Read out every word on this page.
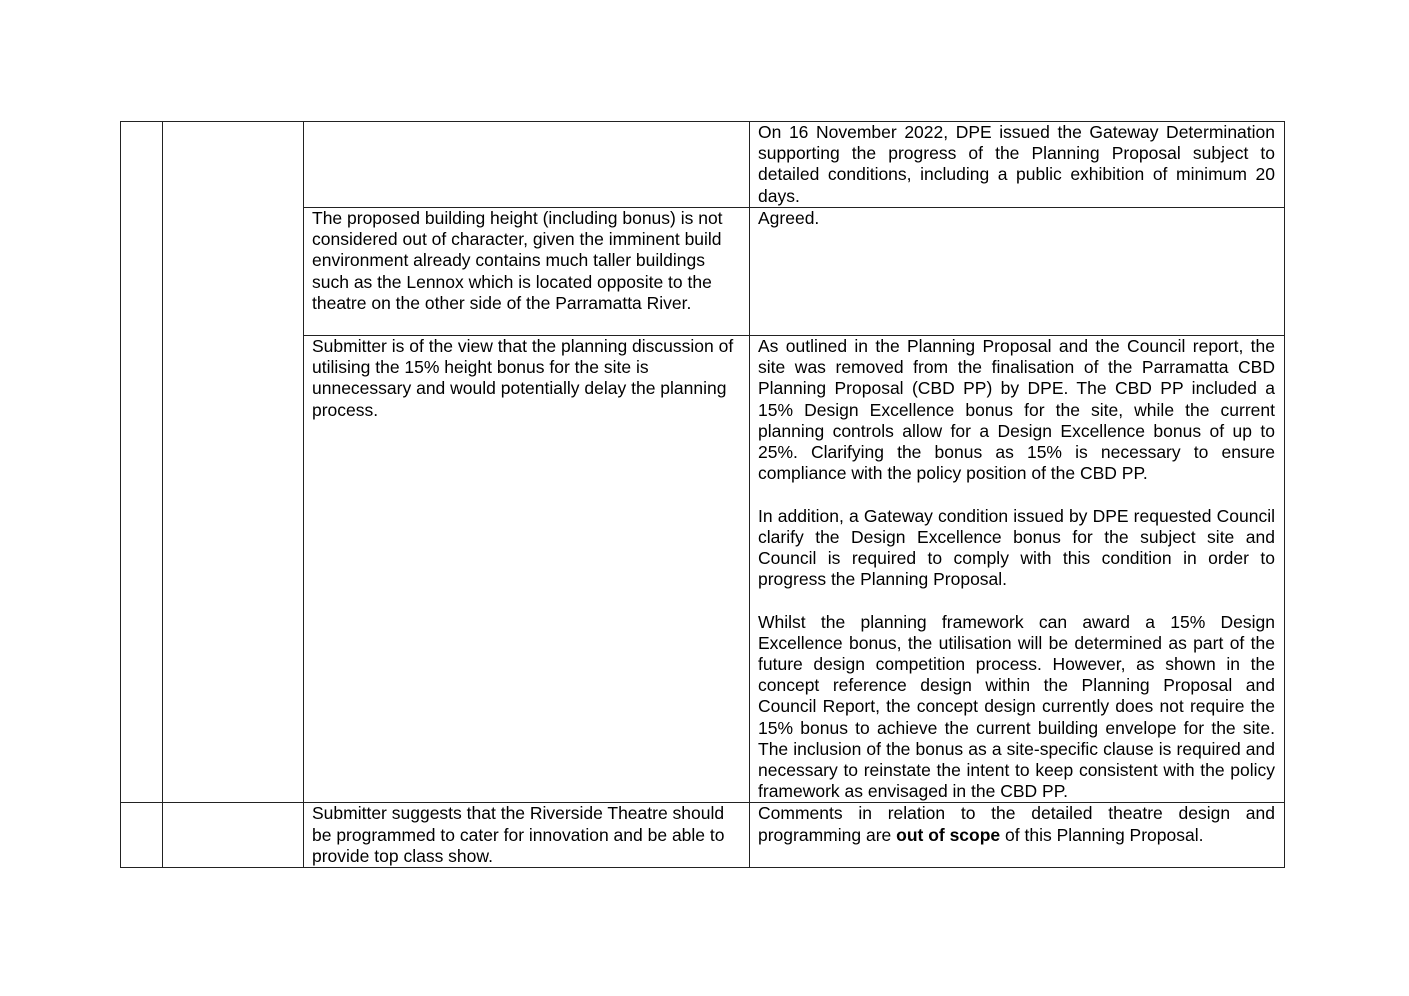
			On 16 November 2022, DPE issued the Gateway Determination supporting the progress of the Planning Proposal subject to detailed conditions, including a public exhibition of minimum 20 days.

		The proposed building height (including bonus) is not considered out of character, given the imminent build environment already contains much taller buildings such as the Lennox which is located opposite to the theatre on the other side of the Parramatta River.	Agreed.

		Submitter is of the view that the planning discussion of utilising the 15% height bonus for the site is unnecessary and would potentially delay the planning process.	As outlined in the Planning Proposal and the Council report, the site was removed from the finalisation of the Parramatta CBD Planning Proposal (CBD PP) by DPE. The CBD PP included a 15% Design Excellence bonus for the site, while the current planning controls allow for a Design Excellence bonus of up to 25%. Clarifying the bonus as 15% is necessary to ensure compliance with the policy position of the CBD PP.

In addition, a Gateway condition issued by DPE requested Council clarify the Design Excellence bonus for the subject site and Council is required to comply with this condition in order to progress the Planning Proposal.

Whilst the planning framework can award a 15% Design Excellence bonus, the utilisation will be determined as part of the future design competition process. However, as shown in the concept reference design within the Planning Proposal and Council Report, the concept design currently does not require the 15% bonus to achieve the current building envelope for the site. The inclusion of the bonus as a site-specific clause is required and necessary to reinstate the intent to keep consistent with the policy framework as envisaged in the CBD PP.

		Submitter suggests that the Riverside Theatre should be programmed to cater for innovation and be able to provide top class show.	Comments in relation to the detailed theatre design and programming are out of scope of this Planning Proposal.
